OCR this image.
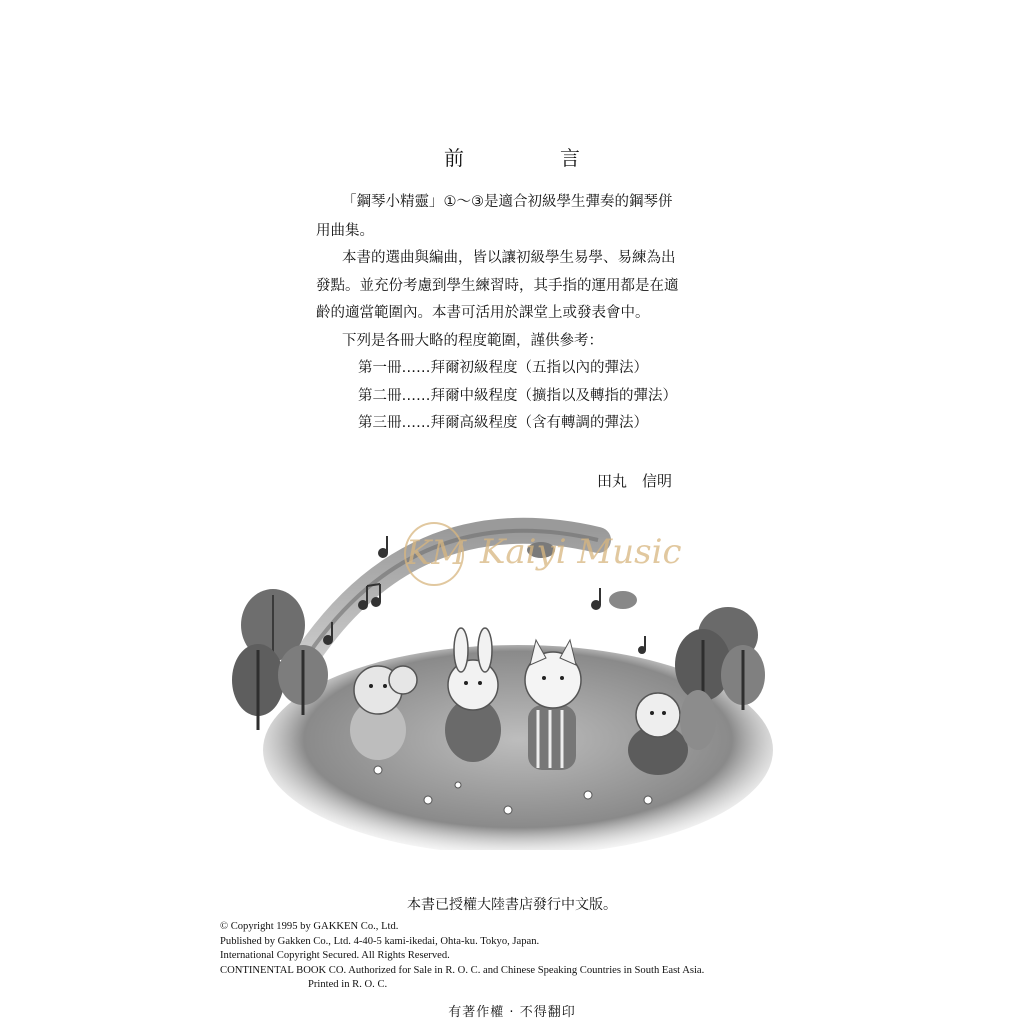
前　言
「鋼琴小精靈」①～③是適合初級學生彈奏的鋼琴併
用曲集。
本書的選曲與編曲，皆以讓初級學生易學、易練為出
發點。並充份考慮到學生練習時，其手指的運用都是在適
齡的適當範圍內。本書可活用於課堂上或發表會中。
下列是各冊大略的程度範圍，謹供參考：
第一冊……拜爾初級程度（五指以內的彈法）
第二冊……拜爾中級程度（擴指以及轉指的彈法）
第三冊……拜爾高級程度（含有轉調的彈法）
田丸　信明
KM Kaiyi Music
本書已授權大陸書店發行中文版。
© Copyright 1995 by GAKKEN Co., Ltd.
Published by Gakken Co., Ltd. 4-40-5 kami-ikedai, Ohta-ku. Tokyo, Japan.
International Copyright Secured. All Rights Reserved.
CONTINENTAL BOOK CO. Authorized for Sale in R. O. C. and Chinese Speaking Countries in South East Asia.
Printed in R. O. C.
有著作權 · 不得翻印
